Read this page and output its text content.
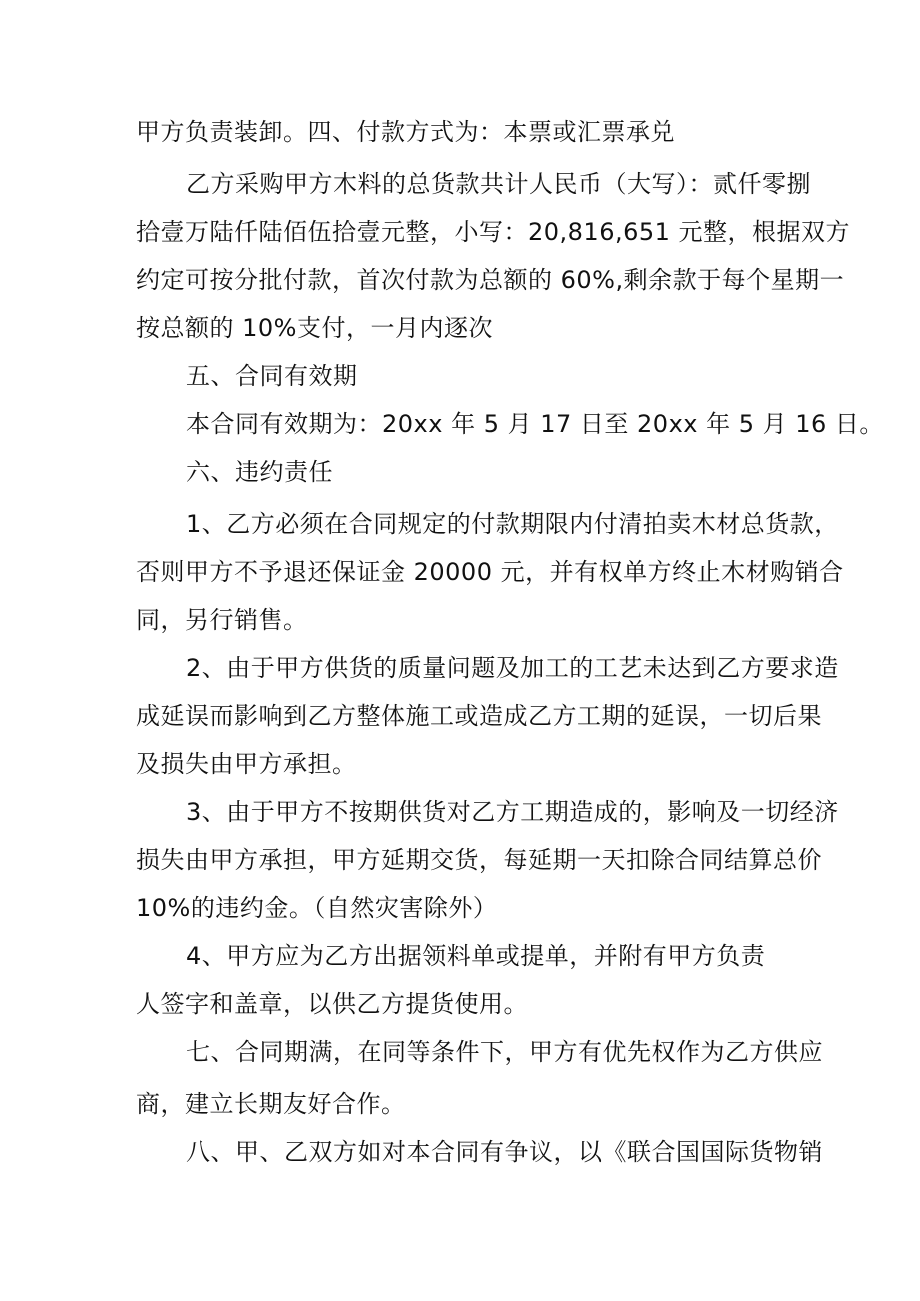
甲方负责装卸。四、付款方式为：本票或汇票承兑
乙方采购甲方木料的总货款共计人民币（大写）：贰仟零捌
拾壹万陆仟陆佰伍拾壹元整，小写：20,816,651 元整，根据双方
约定可按分批付款，首次付款为总额的 60%,剩余款于每个星期一
按总额的 10%支付，一月内逐次
五、合同有效期
本合同有效期为：20xx 年 5 月 17 日至 20xx 年 5 月 16 日。
六、违约责任
1、乙方必须在合同规定的付款期限内付清拍卖木材总货款，
否则甲方不予退还保证金 20000 元，并有权单方终止木材购销合
同，另行销售。
2、由于甲方供货的质量问题及加工的工艺未达到乙方要求造
成延误而影响到乙方整体施工或造成乙方工期的延误，一切后果
及损失由甲方承担。
3、由于甲方不按期供货对乙方工期造成的，影响及一切经济
损失由甲方承担，甲方延期交货，每延期一天扣除合同结算总价
10%的违约金。（自然灾害除外）
4、甲方应为乙方出据领料单或提单，并附有甲方负责
人签字和盖章，以供乙方提货使用。
七、合同期满，在同等条件下，甲方有优先权作为乙方供应
商，建立长期友好合作。
八、甲、乙双方如对本合同有争议，以《联合国国际货物销
